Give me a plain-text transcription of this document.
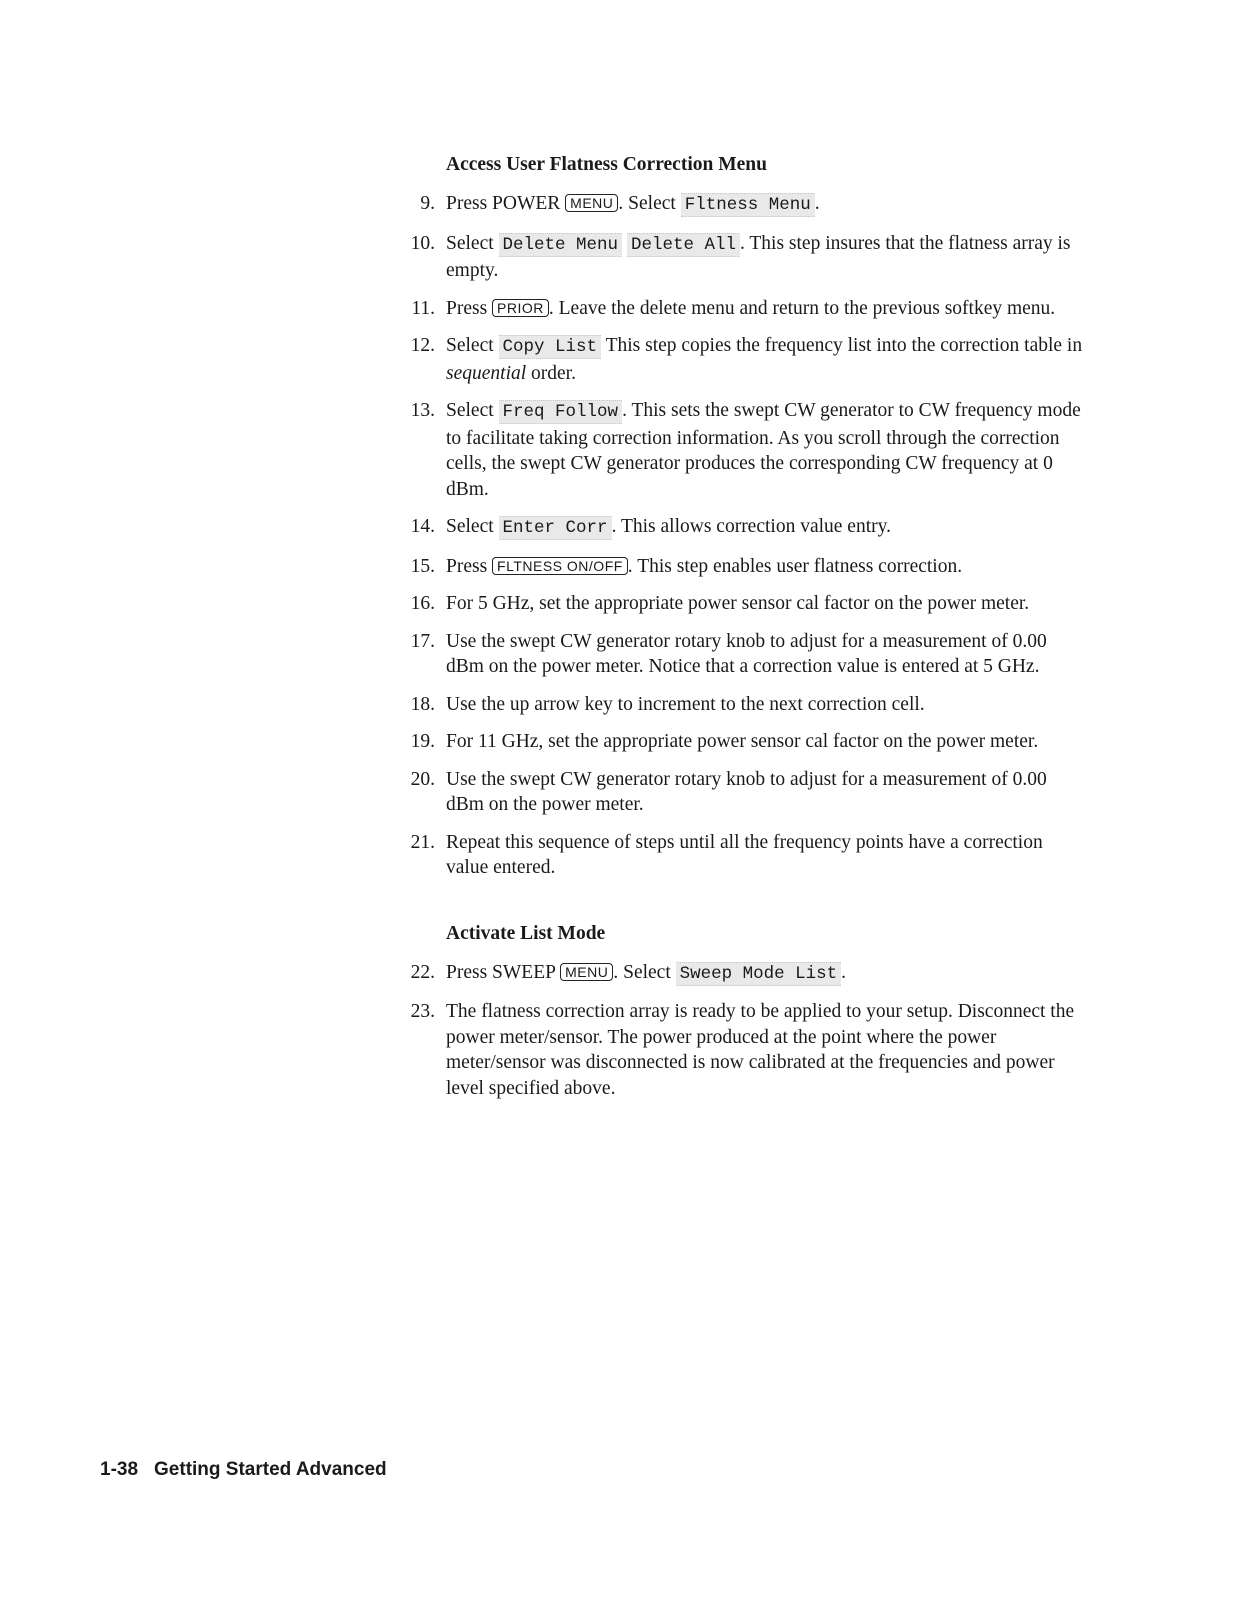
Access User Flatness Correction Menu
9. Press POWER MENU . Select Fltness Menu .
10. Select Delete Menu Delete All . This step insures that the flatness array is empty.
11. Press PRIOR . Leave the delete menu and return to the previous softkey menu.
12. Select Copy List This step copies the frequency list into the correction table in sequential order.
13. Select Freq Follow . This sets the swept CW generator to CW frequency mode to facilitate taking correction information. As you scroll through the correction cells, the swept CW generator produces the corresponding CW frequency at 0 dBm.
14. Select Enter Corr . This allows correction value entry.
15. Press FLTNESS ON/OFF . This step enables user flatness correction.
16. For 5 GHz, set the appropriate power sensor cal factor on the power meter.
17. Use the swept CW generator rotary knob to adjust for a measurement of 0.00 dBm on the power meter. Notice that a correction value is entered at 5 GHz.
18. Use the up arrow key to increment to the next correction cell.
19. For 11 GHz, set the appropriate power sensor cal factor on the power meter.
20. Use the swept CW generator rotary knob to adjust for a measurement of 0.00 dBm on the power meter.
21. Repeat this sequence of steps until all the frequency points have a correction value entered.
Activate List Mode
22. Press SWEEP MENU . Select Sweep Mode List .
23. The flatness correction array is ready to be applied to your setup. Disconnect the power meter/sensor. The power produced at the point where the power meter/sensor was disconnected is now calibrated at the frequencies and power level specified above.
1-38 Getting Started Advanced
